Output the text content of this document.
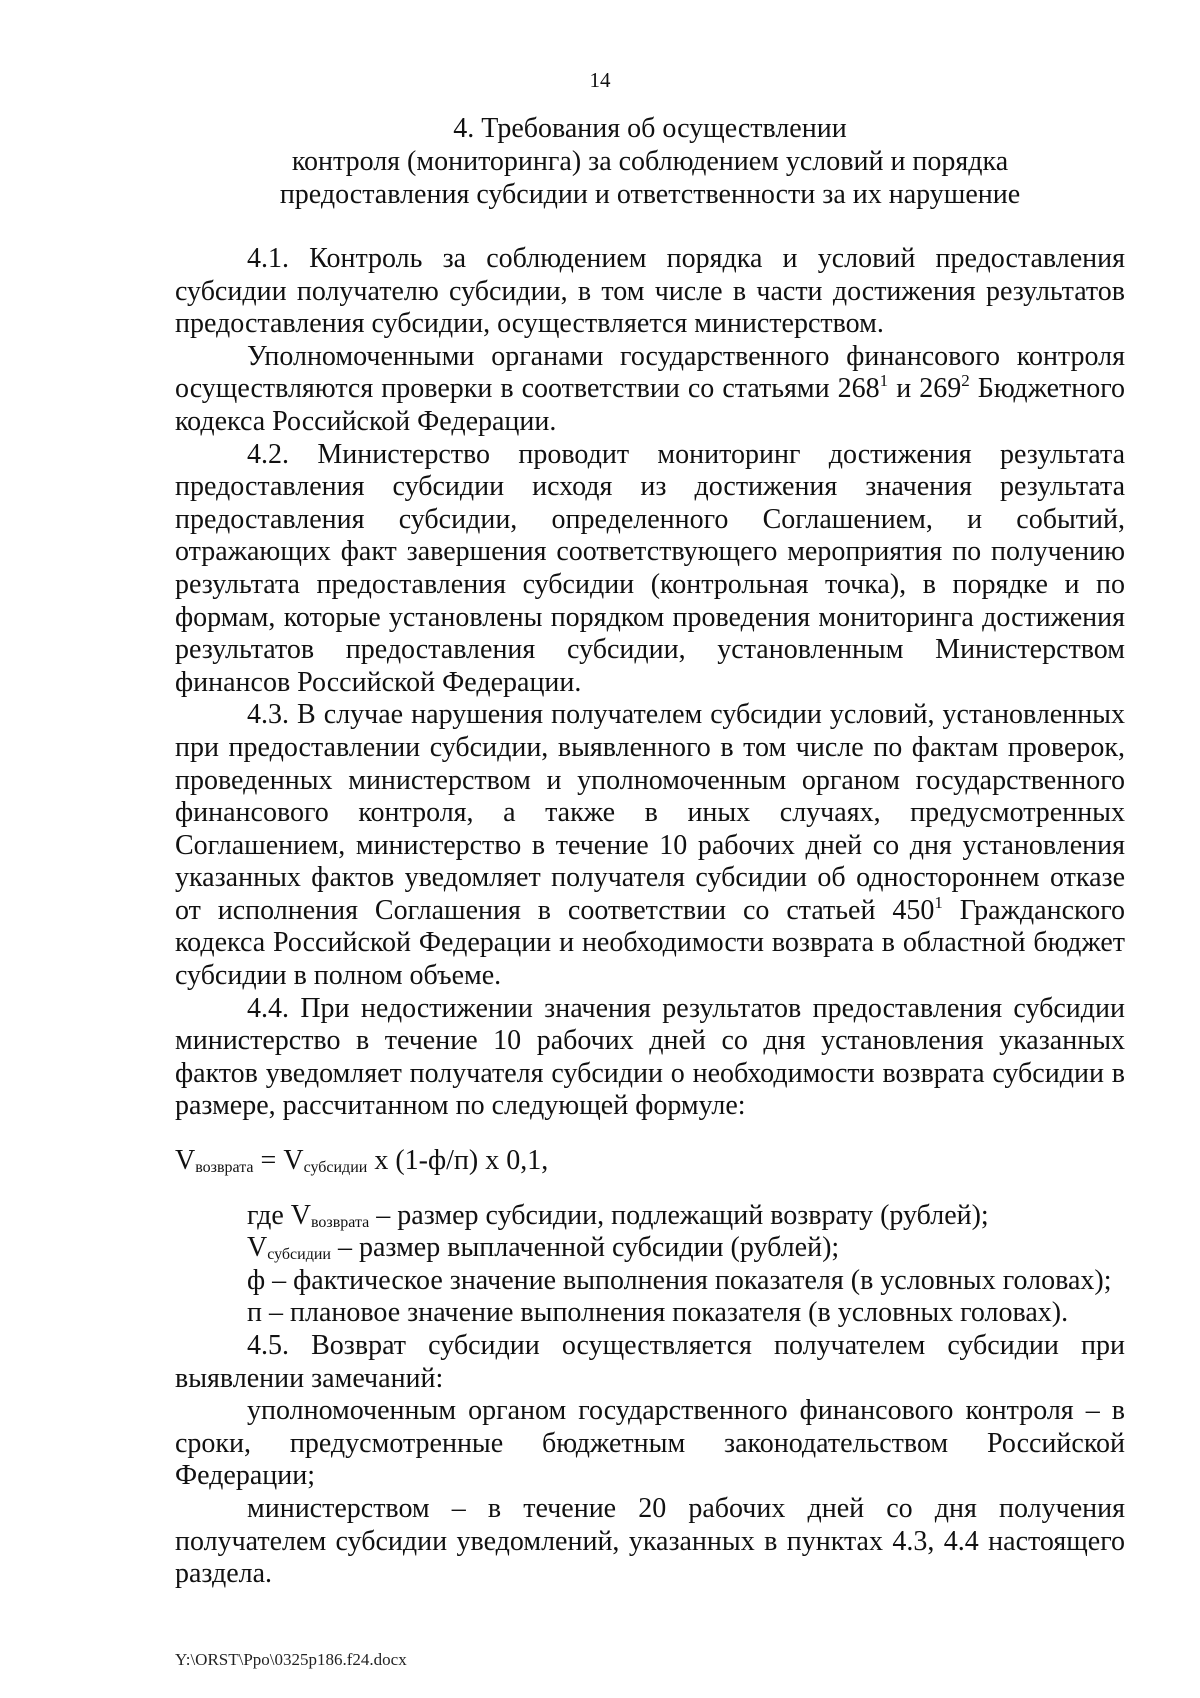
14
4. Требования об осуществлении
контроля (мониторинга) за соблюдением условий и порядка
предоставления субсидии и ответственности за их нарушение

4.1. Контроль за соблюдением порядка и условий предоставления субсидии получателю субсидии, в том числе в части достижения результатов предоставления субсидии, осуществляется министерством.

Уполномоченными органами государственного финансового контроля осуществляются проверки в соответствии со статьями $268^1$ и $269^2$ Бюджетного кодекса Российской Федерации.

4.2. Министерство проводит мониторинг достижения результата предоставления субсидии исходя из достижения значения результата предоставления субсидии, определенного Соглашением, и событий, отражающих факт завершения соответствующего мероприятия по получению результата предоставления субсидии (контрольная точка), в порядке и по формам, которые установлены порядком проведения мониторинга достижения результатов предоставления субсидии, установленным Министерством финансов Российской Федерации.

4.3. В случае нарушения получателем субсидии условий, установленных при предоставлении субсидии, выявленного в том числе по фактам проверок, проведенных министерством и уполномоченным органом государственного финансового контроля, а также в иных случаях, предусмотренных Соглашением, министерство в течение 10 рабочих дней со дня установления указанных фактов уведомляет получателя субсидии об одностороннем отказе от исполнения Соглашения в соответствии со статьей $450^1$ Гражданского кодекса Российской Федерации и необходимости возврата в областной бюджет субсидии в полном объеме.

4.4. При недостижении значения результатов предоставления субсидии министерство в течение 10 рабочих дней со дня установления указанных фактов уведомляет получателя субсидии о необходимости возврата субсидии в размере, рассчитанном по следующей формуле:

$V_{возврата} = V_{субсидии}$ х (1-ф/п) х 0,1,

где $V_{возврата}$ – размер субсидии, подлежащий возврату (рублей);

$V_{субсидии}$ – размер выплаченной субсидии (рублей);

ф – фактическое значение выполнения показателя (в условных головах);

п – плановое значение выполнения показателя (в условных головах).

4.5. Возврат субсидии осуществляется получателем субсидии при выявлении замечаний:

уполномоченным органом государственного финансового контроля – в сроки, предусмотренные бюджетным законодательством Российской Федерации;

министерством – в течение 20 рабочих дней со дня получения получателем субсидии уведомлений, указанных в пунктах 4.3, 4.4 настоящего раздела.

Y:\ORST\Ppo\0325p186.f24.docx
